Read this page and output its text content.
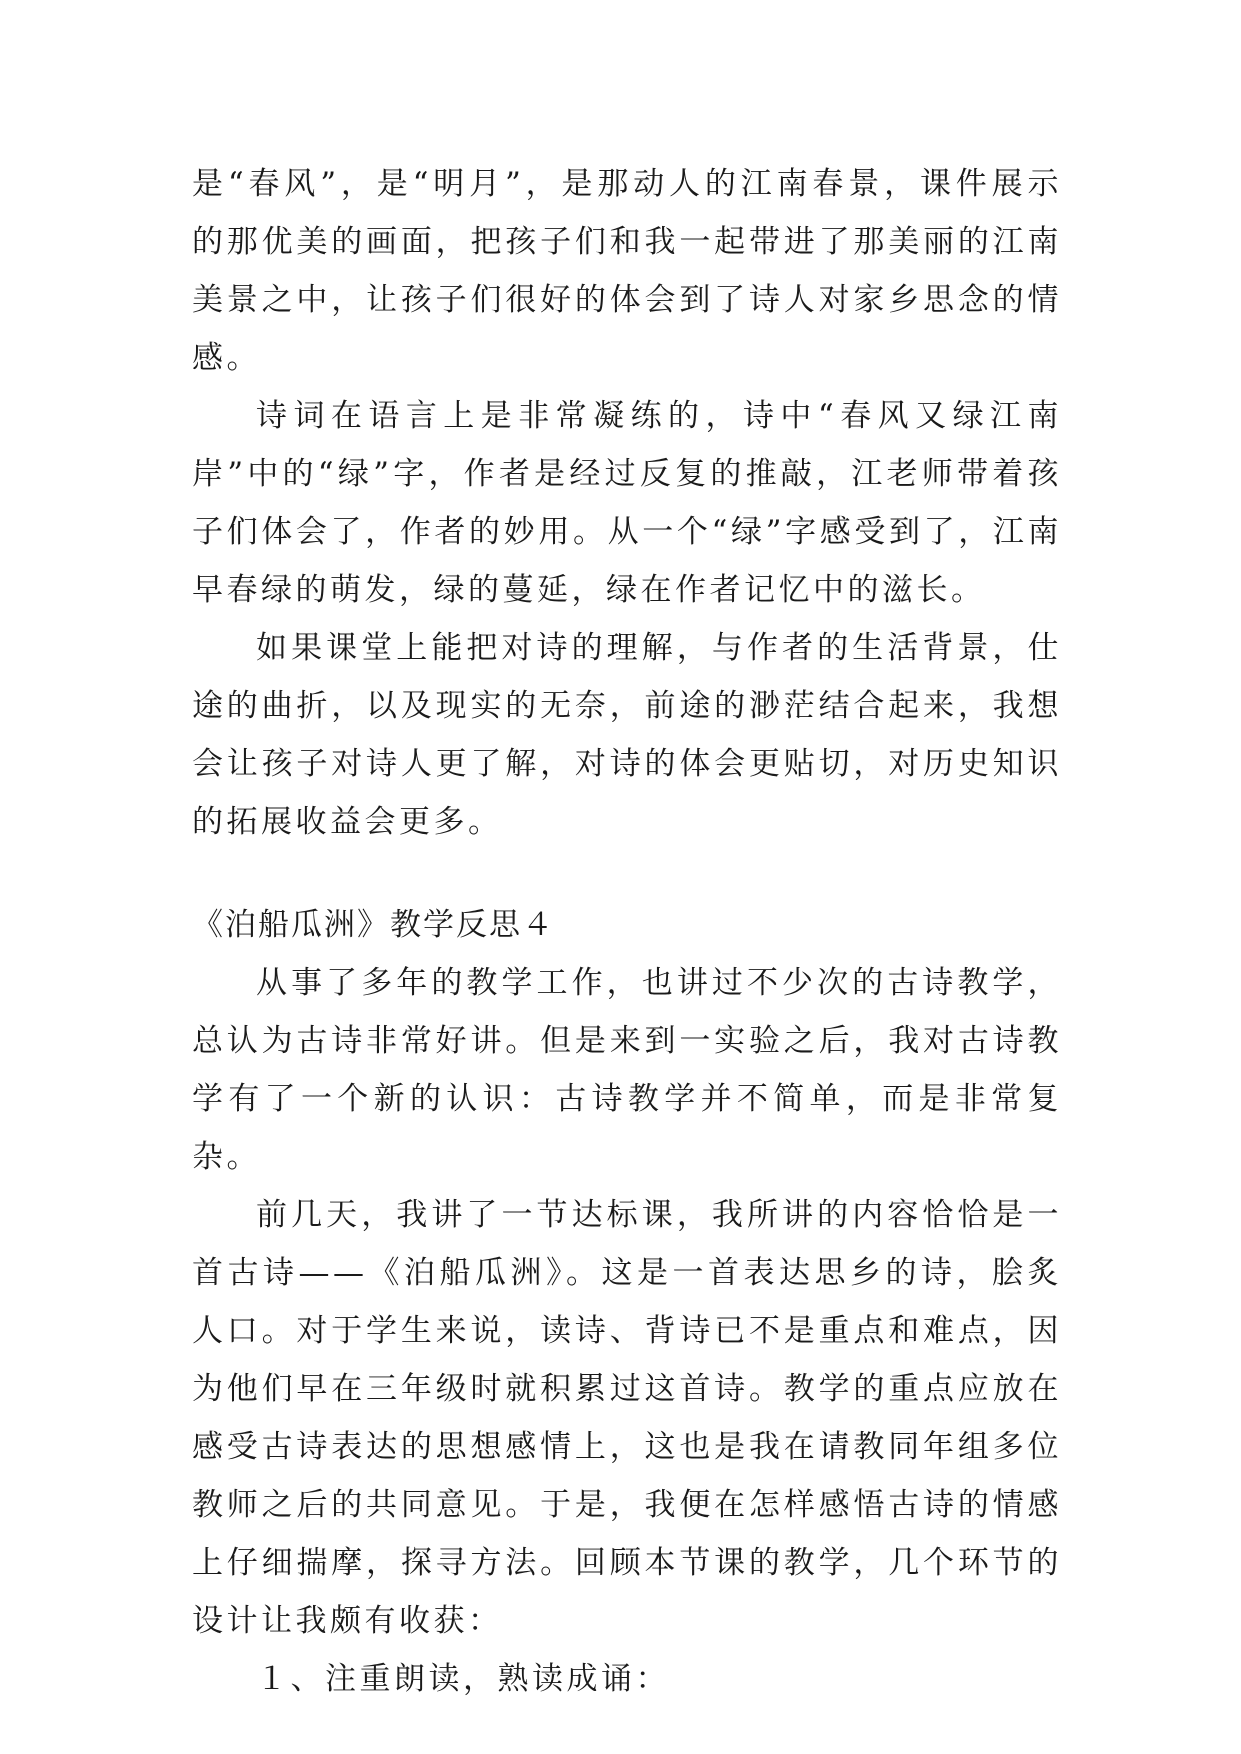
是“春风”，是“明月”，是那动人的江南春景，课件展示的那优美的画面，把孩子们和我一起带进了那美丽的江南美景之中，让孩子们很好的体会到了诗人对家乡思念的情感。

诗词在语言上是非常凝练的，诗中“春风又绿江南岸”中的“绿”字，作者是经过反复的推敲，江老师带着孩子们体会了，作者的妙用。从一个“绿”字感受到了，江南早春绿的萌发，绿的蔓延，绿在作者记忆中的滋长。

如果课堂上能把对诗的理解，与作者的生活背景，仕途的曲折，以及现实的无奈，前途的渺茫结合起来，我想会让孩子对诗人更了解，对诗的体会更贴切，对历史知识的拓展收益会更多。

《泊船瓜洲》教学反思４

从事了多年的教学工作，也讲过不少次的古诗教学，总认为古诗非常好讲。但是来到一实验之后，我对古诗教学有了一个新的认识：古诗教学并不简单，而是非常复杂。

前几天，我讲了一节达标课，我所讲的内容恰恰是一首古诗——《泊船瓜洲》。这是一首表达思乡的诗，脍炙人口。对于学生来说，读诗、背诗已不是重点和难点，因为他们早在三年级时就积累过这首诗。教学的重点应放在感受古诗表达的思想感情上，这也是我在请教同年组多位教师之后的共同意见。于是，我便在怎样感悟古诗的情感上仔细揣摩，探寻方法。回顾本节课的教学，几个环节的设计让我颇有收获：

１、注重朗读，熟读成诵：
